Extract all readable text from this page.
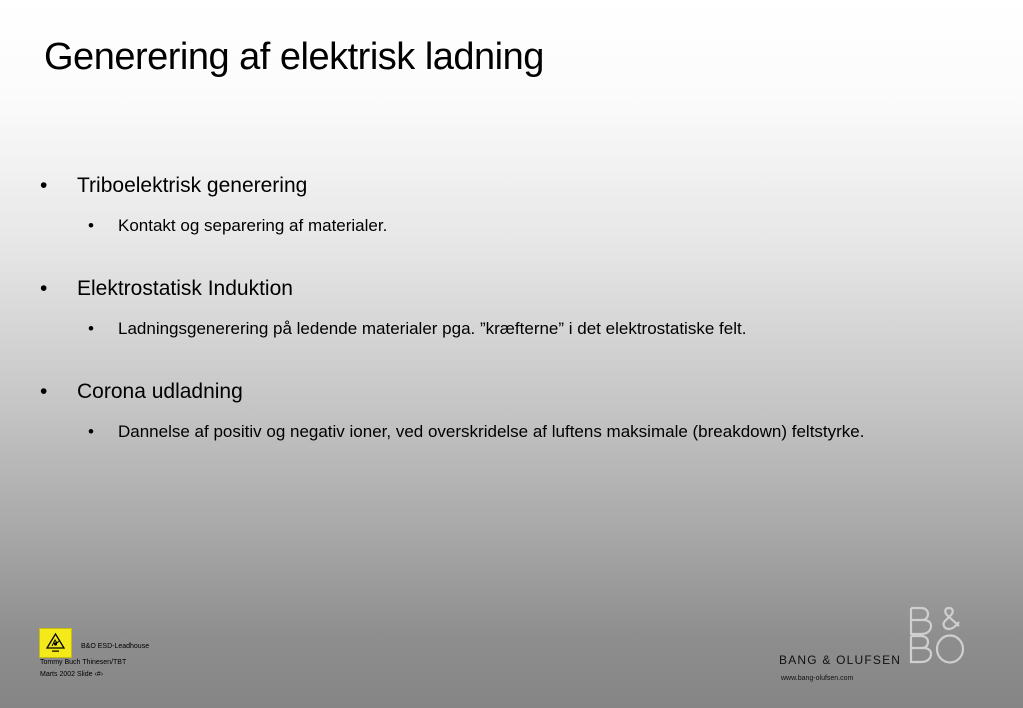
Generering af elektrisk ladning
• Triboelektrisk generering
• Kontakt og separering af materialer.
• Elektrostatisk Induktion
• Ladningsgenerering på ledende materialer pga. ”kræfterne” i det elektrostatiske felt.
• Corona udladning
• Dannelse af positiv og negativ ioner, ved overskridelse af luftens maksimale (breakdown) feltstyrke.
B&O ESD-Leadhouse
Tommy Buch Thinesen/TBT
Marts 2002 Slide ‹#›
BANG & OLUFSEN
www.bang-olufsen.com
